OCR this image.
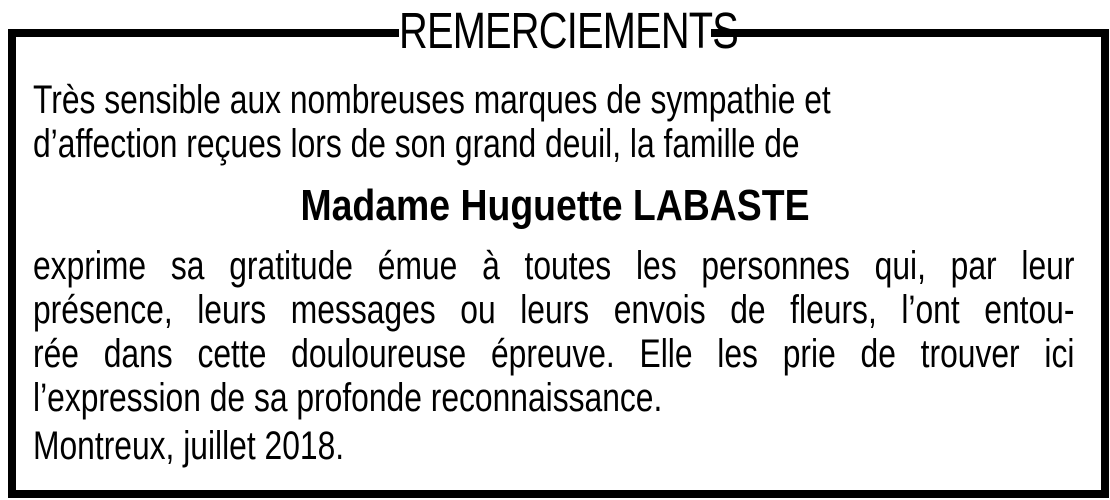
REMERCIEMENTS
Très sensible aux nombreuses marques de sympathie et
d’affection reçues lors de son grand deuil, la famille de
Madame Huguette LABASTE
exprime sa gratitude émue à toutes les personnes qui, par leur
présence, leurs messages ou leurs envois de fleurs, l’ont entou-
rée dans cette douloureuse épreuve. Elle les prie de trouver ici
l’expression de sa profonde reconnaissance.
Montreux, juillet 2018.
